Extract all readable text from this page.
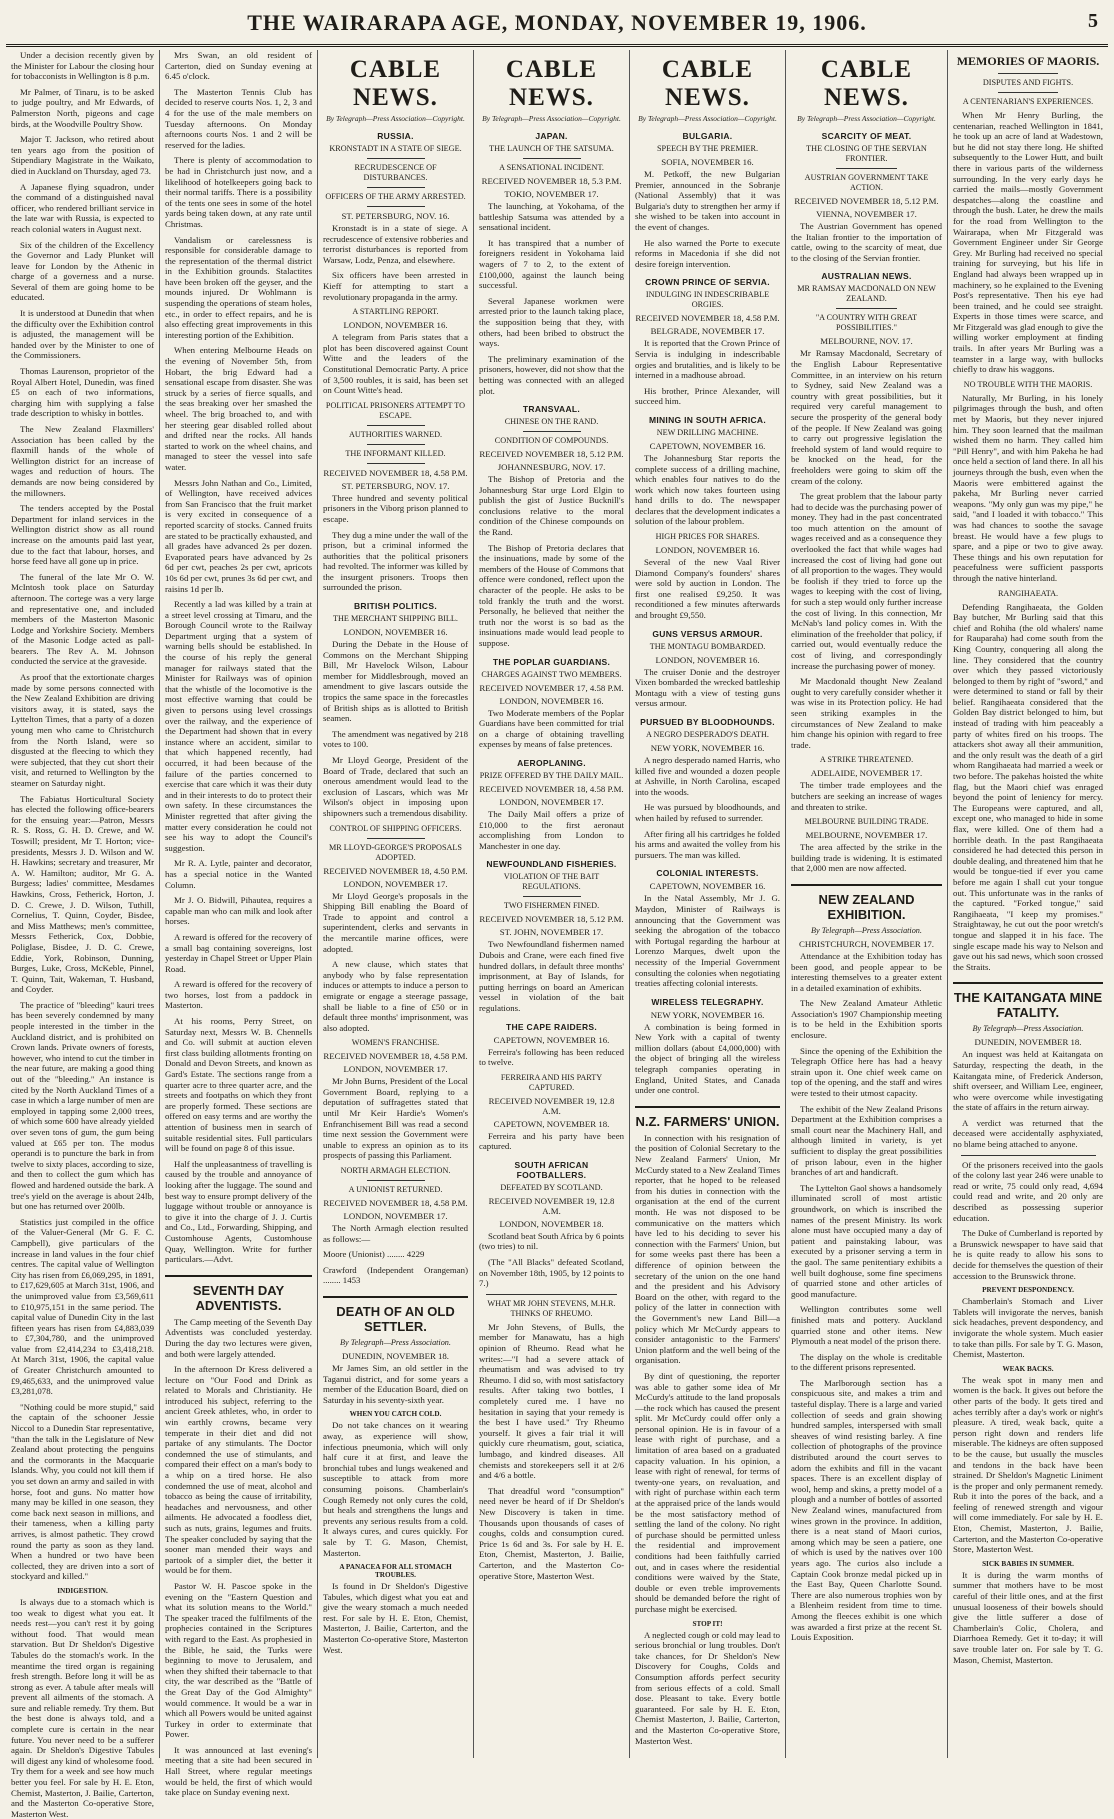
THE WAIRARAPA AGE, MONDAY, NOVEMBER 19, 1906.	5

Under a decision recently given by the Minister for Labour the closing hour for tobacconists in Wellington is 8 p.m.

Mr Palmer, of Tinaru, is to be asked to judge poultry, and Mr Edwards, of Palmerston North, pigeons and cage birds, at the Woodville Poultry Show.

Major T. Jackson, who retired about ten years ago from the position of Stipendiary Magistrate in the Waikato, died in Auckland on Thursday, aged 73.

A Japanese flying squadron, under the command of a distinguished naval officer, who rendered brilliant service in the late war with Russia, is expected to reach colonial waters in August next.

Six of the children of the Excellency the Governor and Lady Plunket will leave for London by the Athenic in charge of a governess and a nurse. Several of them are going home to be educated.

It is understood at Dunedin that when the difficulty over the Exhibition control is adjusted, the management will be handed over by the Minister to one of the Commissioners.

Thomas Laurenson, proprietor of the Royal Albert Hotel, Dunedin, was fined £5 on each of two informations, charging him with supplying a false trade description to whisky in bottles.

The New Zealand Flaxmillers' Association has been called by the flaxmill hands of the whole of Wellington district for an increase of wages and reduction of hours. The demands are now being considered by the millowners.

The tenders accepted by the Postal Department for inland services in the Wellington district show as all round increase on the amounts paid last year, due to the fact that labour, horses, and horse feed have all gone up in price.

The funeral of the late Mr O. W. McIntosh took place on Saturday afternoon. The cortege was a very large and representative one, and included members of the Masterton Masonic Lodge and Yorkshire Society. Members of the Masonic Lodge acted as pall-bearers. The Rev A. M. Johnson conducted the service at the graveside.

As proof that the extortionate charges made by some persons connected with the New Zealand Exhibition are driving visitors away, it is stated, says the Lyttelton Times, that a party of a dozen young men who came to Christchurch from the North Island, were so disgusted at the fleecing to which they were subjected, that they cut short their visit, and returned to Wellington by the steamer on Saturday night.

The Fabiatus Horticultural Society has elected the following office-bearers for the ensuing year:—Patron, Messrs R. S. Ross, G. H. D. Crewe, and W. Toswill; president, Mr T. Horton; vice-presidents, Messrs J. D. Wilson and W. H. Hawkins; secretary and treasurer, Mr A. W. Hamilton; auditor, Mr G. A. Burgess; ladies' committee, Mesdames Hawkins, Cross, Fetherick, Horton, J. D. C. Crewe, J. D. Wilson, Tuthill, Cornelius, T. Quinn, Coyder, Bisdee, and Miss Matthews; men's committee, Messrs Fetherick, Cox, Dobbie, Poliglase, Bisdee, J. D. C. Crewe, Eddie, York, Robinson, Dunning, Burges, Luke, Cross, McKeble, Pinnel, T. Quinn, Tait, Wakeman, T. Husband, and Coyder.

The practice of "bleeding" kauri trees has been severely condemned by many people interested in the timber in the Auckland district, and is prohibited on Crown lands. Private owners of forests, however, who intend to cut the timber in the near future, are making a good thing out of the "bleeding." An instance is cited by the North Auckland Times of a case in which a large number of men are employed in tapping some 2,000 trees, of which some 600 have already yielded over seven tons of gum, the gum being valued at £65 per ton. The modus operandi is to puncture the bark in from twelve to sixty places, according to size, and then to collect the gum which has flowed and hardened outside the bark. A tree's yield on the average is about 24lb, but one has returned over 200lb.

Statistics just compiled in the office of the Valuer-General (Mr G. F. C. Campbell), give particulars of the increase in land values in the four chief centres. The capital value of Wellington City has risen from £6,069,295, in 1891, to £17,629,605 at March 31st, 1906, and the unimproved value from £3,569,611 to £10,975,151 in the same period. The capital value of Dunedin City in the last fifteen years has risen from £4,883,039 to £7,304,780, and the unimproved value from £2,414,234 to £3,418,218. At March 31st, 1906, the capital value of Greater Christchurch amounted to £9,465,633, and the unimproved value £3,281,078.

"Nothing could be more stupid," said the captain of the schooner Jessie Niccol to a Dunedin Star representative, "than the talk in the Legislature of New Zealand about protecting the penguins and the cormorants in the Macquarie Islands. Why, you could not kill them if you set down an army and sailed in with horse, foot and guns. No matter how many may be killed in one season, they come back next season in millions, and their tameness, when a killing party arrives, is almost pathetic. They crowd round the party as soon as they land. When a hundred or two have been collected, they are driven into a sort of stockyard and killed."

INDIGESTION.

Is always due to a stomach which is too weak to digest what you eat. It needs rest—you can't rest it by going without food. That would mean starvation. But Dr Sheldon's Digestive Tabules do the stomach's work. In the meantime the tired organ is regaining fresh strength. Before long it will be as strong as ever. A tabule after meals will prevent all ailments of the stomach. A sure and reliable remedy. Try them. But the best done is always told, and a complete cure is certain in the near future. You never need to be a sufferer again. Dr Sheldon's Digestive Tabules will digest any kind of wholesome food. Try them for a week and see how much better you feel. For sale by H. E. Eton, Chemist, Masterton, J. Bailie, Carterton, and the Masterton Co-operative Store, Masterton West.

Mrs Swan, an old resident of Carterton, died on Sunday evening at 6.45 o'clock.

The Masterton Tennis Club has decided to reserve courts Nos. 1, 2, 3 and 4 for the use of the male members on Tuesday afternoons. On Monday afternoons courts Nos. 1 and 2 will be reserved for the ladies.

There is plenty of accommodation to be had in Christchurch just now, and a likelihood of hotelkeepers going back to their normal tariffs. There is a possibility of the tents one sees in some of the hotel yards being taken down, at any rate until Christmas.

Vandalism or carelessness is responsible for considerable damage to the representation of the thermal district in the Exhibition grounds. Stalactites have been broken off the geyser, and the mounds injured. Dr Wohlmann is suspending the operations of steam holes, etc., in order to effect repairs, and he is also effecting great improvements in this interesting portion of the Exhibition.

When entering Melbourne Heads on the evening of November 5th, from Hobart, the brig Edward had a sensational escape from disaster. She was struck by a series of fierce squalls, and the seas breaking over her smashed the wheel. The brig broached to, and with her steering gear disabled rolled about and drifted near the rocks. All hands started to work on the wheel chains, and managed to steer the vessel into safe water.

Messrs John Nathan and Co., Limited, of Wellington, have received advices from San Francisco that the fruit market is very excited in consequence of a reported scarcity of stocks. Canned fruits are stated to be practically exhausted, and all grades have advanced 2s per dozen. Evaporated pears have advanced by 2s 6d per cwt, peaches 2s per cwt, apricots 10s 6d per cwt, prunes 3s 6d per cwt, and raisins 1d per lb.

Recently a lad was killed by a train at a street level crossing at Timaru, and the Borough Council wrote to the Railway Department urging that a system of warning bells should be established. In the course of his reply the general manager for railways stated that the Minister for Railways was of opinion that the whistle of the locomotive is the most effective warning that could be given to persons using level crossings over the railway, and the experience of the Department had shown that in every instance where an accident, similar to that which happened recently, had occurred, it had been because of the failure of the parties concerned to exercise that care which it was their duty and in their interests to do to protect their own safety. In these circumstances the Minister regretted that after giving the matter every consideration he could not see his way to adopt the Council's suggestion.

Mr R. A. Lytle, painter and decorator, has a special notice in the Wanted Column.

Mr J. O. Bidwill, Pihautea, requires a capable man who can milk and look after horses.

A reward is offered for the recovery of a small bag containing sovereigns, lost yesterday in Chapel Street or Upper Plain Road.

A reward is offered for the recovery of two horses, lost from a paddock in Masterton.

At his rooms, Perry Street, on Saturday next, Messrs W. B. Chennells and Co. will submit at auction eleven first class building allotments fronting on Donald and Devon Streets, and known as Gard's Estate. The sections range from a quarter acre to three quarter acre, and the streets and footpaths on which they front are properly formed. These sections are offered on easy terms and are worthy the attention of business men in search of suitable residential sites. Full particulars will be found on page 8 of this issue.

Half the unpleasantness of travelling is caused by the trouble and annoyance of looking after the luggage. The sound and best way to ensure prompt delivery of the luggage without trouble or annoyance is to give it into the charge of J. J. Curtis and Co., Ltd., Forwarding, Shipping, and Customhouse Agents, Customhouse Quay, Wellington. Write for further particulars.—Advt.

SEVENTH DAY ADVENTISTS.

The Camp meeting of the Seventh Day Adventists was concluded yesterday. During the day two lectures were given, and both were largely attended.

In the afternoon Dr Kress delivered a lecture on "Our Food and Drink as related to Morals and Christianity. He introduced his subject, referring to the ancient Greek athletes, who, in order to win earthly crowns, became very temperate in their diet and did not partake of any stimulants. The Doctor condemned the use of stimulants, and compared their effect on a man's body to a whip on a tired horse. He also condemned the use of meat, alcohol and tobacco as being the cause of irritability, headaches and nervousness, and other ailments. He advocated a foodless diet, such as nuts, grains, legumes and fruits. The speaker concluded by saying that the sooner man mended their ways and partook of a simpler diet, the better it would be for them.

Pastor W. H. Pascoe spoke in the evening on the "Eastern Question and what its solution means to the World." The speaker traced the fulfilments of the prophecies contained in the Scriptures with regard to the East. As prophesied in the Bible, he said, the Turks were beginning to move to Jerusalem, and when they shifted their tabernacle to that city, the war described as the "Battle of the Great Day of the God Almighty" would commence. It would be a war in which all Powers would be united against Turkey in order to exterminate that Power.

It was announced at last evening's meeting that a site had been secured in Hall Street, where regular meetings would be held, the first of which would take place on Sunday evening next.

CABLE NEWS.
By Telegraph—Press Association—Copyright.
RUSSIA.
KRONSTADT IN A STATE OF SIEGE.
RECRUDESCENCE OF DISTURBANCES.
OFFICERS OF THE ARMY ARRESTED.
ST. PETERSBURG, NOV. 16.

Kronstadt is in a state of siege. A recrudescence of extensive robberies and terrorist disturbances is reported from Warsaw, Lodz, Penza, and elsewhere.

Six officers have been arrested in Kieff for attempting to start a revolutionary propaganda in the army.

A STARTLING REPORT.
LONDON, NOVEMBER 16.

A telegram from Paris states that a plot has been discovered against Count Witte and the leaders of the Constitutional Democratic Party. A price of 3,500 roubles, it is said, has been set on Count Witte's head.

POLITICAL PRISONERS ATTEMPT TO ESCAPE.
AUTHORITIES WARNED.
THE INFORMANT KILLED.
RECEIVED NOVEMBER 18, 4.58 P.M.
ST. PETERSBURG, NOV. 17.

Three hundred and seventy political prisoners in the Viborg prison planned to escape.

They dug a mine under the wall of the prison, but a criminal informed the authorities that the political prisoners had revolted. The informer was killed by the insurgent prisoners. Troops then surrounded the prison.

BRITISH POLITICS.
THE MERCHANT SHIPPING BILL.
LONDON, NOVEMBER 16.

During the Debate in the House of Commons on the Merchant Shipping Bill, Mr Havelock Wilson, Labour member for Middlesbrough, moved an amendment to give lascars outside the tropics the same space in the forecastles of British ships as is allotted to British seamen.

The amendment was negatived by 218 votes to 100.

Mr Lloyd George, President of the Board of Trade, declared that such an onerous amendment would lead to the exclusion of Lascars, which was Mr Wilson's object in imposing upon shipowners such a tremendous disability.

CONTROL OF SHIPPING OFFICERS.
MR LLOYD-GEORGE'S PROPOSALS ADOPTED.
RECEIVED NOVEMBER 18, 4.50 P.M.
LONDON, NOVEMBER 17.

Mr Lloyd George's proposals in the Shipping Bill enabling the Board of Trade to appoint and control a superintendent, clerks and servants in the mercantile marine offices, were adopted.

A new clause, which states that anybody who by false representation induces or attempts to induce a person to emigrate or engage a steerage passage, shall be liable to a fine of £50 or in default three months' imprisonment, was also adopted.

WOMEN'S FRANCHISE.
RECEIVED NOVEMBER 18, 4.58 P.M.
LONDON, NOVEMBER 17.

Mr John Burns, President of the Local Government Board, replying to a deputation of suffragettes stated that until Mr Keir Hardie's Women's Enfranchisement Bill was read a second time next session the Government were unable to express an opinion as to its prospects of passing this Parliament.

NORTH ARMAGH ELECTION.
A UNIONIST RETURNED.
RECEIVED NOVEMBER 18, 4.58 P.M.
LONDON, NOVEMBER 17.

The North Armagh election resulted as follows:—

Moore (Unionist) ........ 4229

Crawford (Independent Orangeman) ........ 1453

DEATH OF AN OLD SETTLER.
By Telegraph—Press Association.
DUNEDIN, NOVEMBER 18.

Mr James Sim, an old settler in the Taganui district, and for some years a member of the Education Board, died on Saturday in his seventy-sixth year.

WHEN YOU CATCH COLD.

Do not take chances on it wearing away, as experience will show, infectious pneumonia, which will only half cure it at first, and leave the bronchial tubes and lungs weakened and susceptible to attack from more consuming poisons. Chamberlain's Cough Remedy not only cures the cold, but heals and strengthens the lungs and prevents any serious results from a cold. It always cures, and cures quickly. For sale by T. G. Mason, Chemist, Masterton.

A PANACEA FOR ALL STOMACH TROUBLES.

Is found in Dr Sheldon's Digestive Tabules, which digest what you eat and give the weary stomach a much needed rest. For sale by H. E. Eton, Chemist, Masterton, J. Bailie, Carterton, and the Masterton Co-operative Store, Masterton West.

CABLE NEWS.
By Telegraph—Press Association—Copyright.
JAPAN.
THE LAUNCH OF THE SATSUMA.
A SENSATIONAL INCIDENT.
RECEIVED NOVEMBER 18, 5.3 P.M.
TOKIO, NOVEMBER 17.

The launching, at Yokohama, of the battleship Satsuma was attended by a sensational incident.

It has transpired that a number of foreigners resident in Yokohama laid wagers of 7 to 2, to the extent of £100,000, against the launch being successful.

Several Japanese workmen were arrested prior to the launch taking place, the supposition being that they, with others, had been bribed to obstruct the ways.

The preliminary examination of the prisoners, however, did not show that the betting was connected with an alleged plot.

TRANSVAAL.
CHINESE ON THE RAND.
CONDITION OF COMPOUNDS.
RECEIVED NOVEMBER 18, 5.12 P.M.
JOHANNESBURG, NOV. 17.

The Bishop of Pretoria and the Johannesburg Star urge Lord Elgin to publish the gist of Justice Bucknill's conclusions relative to the moral condition of the Chinese compounds on the Rand.

The Bishop of Pretoria declares that the insinuations, made by some of the members of the House of Commons that offence were condoned, reflect upon the character of the people. He asks to be told frankly the truth and the worst. Personally, he believed that neither the truth nor the worst is so bad as the insinuations made would lead people to suppose.

THE POPLAR GUARDIANS.
CHARGES AGAINST TWO MEMBERS.
RECEIVED NOVEMBER 17, 4.58 P.M.
LONDON, NOVEMBER 16.

Two Moderate members of the Poplar Guardians have been committed for trial on a charge of obtaining travelling expenses by means of false pretences.

AEROPLANING.
PRIZE OFFERED BY THE DAILY MAIL.
RECEIVED NOVEMBER 18, 4.58 P.M.
LONDON, NOVEMBER 17.

The Daily Mail offers a prize of £10,000 to the first aeronaut accomplishing from London to Manchester in one day.

NEWFOUNDLAND FISHERIES.
VIOLATION OF THE BAIT REGULATIONS.
TWO FISHERMEN FINED.
RECEIVED NOVEMBER 18, 5.12 P.M.
ST. JOHN, NOVEMBER 17.

Two Newfoundland fishermen named Dubois and Crane, were each fined five hundred dollars, in default three months' imprisonment, at Bay of Islands, for putting herrings on board an American vessel in violation of the bait regulations.

THE CAPE RAIDERS.
CAPETOWN, NOVEMBER 16.

Ferreira's following has been reduced to twelve.

FERREIRA AND HIS PARTY CAPTURED.
RECEIVED NOVEMBER 19, 12.8 A.M.
CAPETOWN, NOVEMBER 18.

Ferreira and his party have been captured.

SOUTH AFRICAN FOOTBALLERS.
DEFEATED BY SCOTLAND.
RECEIVED NOVEMBER 19, 12.8 A.M.
LONDON, NOVEMBER 18.

Scotland beat South Africa by 6 points (two tries) to nil.

(The "All Blacks" defeated Scotland, on November 18th, 1905, by 12 points to 7.)

WHAT MR JOHN STEVENS, M.H.R. THINKS OF RHEUMO.

Mr John Stevens, of Bulls, the member for Manawatu, has a high opinion of Rheumo. Read what he writes:—"I had a severe attack of rheumatism and was advised to try Rheumo. I did so, with most satisfactory results. After taking two bottles, I completely cured me. I have no hesitation in saying that your remedy is the best I have used." Try Rheumo yourself. It gives a fair trial it will quickly cure rheumatism, gout, sciatica, lumbago, and kindred diseases. All chemists and storekeepers sell it at 2/6 and 4/6 a bottle.

That dreadful word "consumption" need never be heard of if Dr Sheldon's New Discovery is taken in time. Thousands upon thousands of cases of coughs, colds and consumption cured. Price 1s 6d and 3s. For sale by H. E. Eton, Chemist, Masterton, J. Bailie, Carterton, and the Masterton Co-operative Store, Masterton West.

CABLE NEWS.
By Telegraph—Press Association—Copyright.
BULGARIA.
SPEECH BY THE PREMIER.
SOFIA, NOVEMBER 16.

M. Petkoff, the new Bulgarian Premier, announced in the Sobranje (National Assembly) that it was Bulgaria's duty to strengthen her army if she wished to be taken into account in the event of changes.

He also warned the Porte to execute reforms in Macedonia if she did not desire foreign intervention.

CROWN PRINCE OF SERVIA.
INDULGING IN INDESCRIBABLE ORGIES.
RECEIVED NOVEMBER 18, 4.58 P.M.
BELGRADE, NOVEMBER 17.

It is reported that the Crown Prince of Servia is indulging in indescribable orgies and brutalities, and is likely to be interned in a madhouse abroad.

His brother, Prince Alexander, will succeed him.

MINING IN SOUTH AFRICA.
NEW DRILLING MACHINE.
CAPETOWN, NOVEMBER 16.

The Johannesburg Star reports the complete success of a drilling machine, which enables four natives to do the work which now takes fourteen using hand drills to do. The newspaper declares that the development indicates a solution of the labour problem.

HIGH PRICES FOR SHARES.
LONDON, NOVEMBER 16.

Several of the new Vaal River Diamond Company's founders' shares were sold by auction in London. The first one realised £9,250. It was reconditioned a few minutes afterwards and brought £9,550.

GUNS VERSUS ARMOUR.
THE MONTAGU BOMBARDED.
LONDON, NOVEMBER 16.

The cruiser Donie and the destroyer Vixen bombarded the wrecked battleship Montagu with a view of testing guns versus armour.

PURSUED BY BLOODHOUNDS.
A NEGRO DESPERADO'S DEATH.
NEW YORK, NOVEMBER 16.

A negro desperado named Harris, who killed five and wounded a dozen people at Ashville, in North Carolina, escaped into the woods.

He was pursued by bloodhounds, and when hailed by refused to surrender.

After firing all his cartridges he folded his arms and awaited the volley from his pursuers. The man was killed.

COLONIAL INTERESTS.
CAPETOWN, NOVEMBER 16.

In the Natal Assembly, Mr J. G. Maydon, Minister of Railways is announcing that the Government was seeking the abrogation of the tobacco with Portugal regarding the harbour at Lorenzo Marques, dwelt upon the necessity of the Imperial Government consulting the colonies when negotiating treaties affecting colonial interests.

WIRELESS TELEGRAPHY.
NEW YORK, NOVEMBER 16.

A combination is being formed in New York with a capital of twenty million dollars (about £4,000,000) with the object of bringing all the wireless telegraph companies operating in England, United States, and Canada under one control.

N.Z. FARMERS' UNION.

In connection with his resignation of the position of Colonial Secretary to the New Zealand Farmers' Union, Mr McCurdy stated to a New Zealand Times reporter, that he hoped to be released from his duties in connection with the organisation at the end of the current month. He was not disposed to be communicative on the matters which have led to his deciding to sever his connection with the Farmers' Union, but for some weeks past there has been a difference of opinion between the secretary of the union on the one hand and the president and his Advisory Board on the other, with regard to the policy of the latter in connection with the Government's new Land Bill—a policy which Mr McCurdy appears to consider antagonistic to the Farmers' Union platform and the well being of the organisation.

By dint of questioning, the reporter was able to gather some idea of Mr McCurdy's attitude to the land proposals—the rock which has caused the present split. Mr McCurdy could offer only a personal opinion. He is in favour of a lease with right of purchase, and a limitation of area based on a graduated capacity valuation. In his opinion, a lease with right of renewal, for terms of twenty-one years, on revaluation, and with right of purchase within each term at the appraised price of the lands would be the most satisfactory method of settling the land of the colony. No right of purchase should be permitted unless the residential and improvement conditions had been faithfully carried out, and in cases where the residential conditions were waived by the State, double or even treble improvements should be demanded before the right of purchase might be exercised.

STOP IT!

A neglected cough or cold may lead to serious bronchial or lung troubles. Don't take chances, for Dr Sheldon's New Discovery for Coughs, Colds and Consumption affords perfect security from serious effects of a cold. Small dose. Pleasant to take. Every bottle guaranteed. For sale by H. E. Eton, Chemist Masterton, J. Bailie, Carterton, and the Masterton Co-operative Store, Masterton West.

CABLE NEWS.
By Telegraph—Press Association—Copyright.
SCARCITY OF MEAT.
THE CLOSING OF THE SERVIAN FRONTIER.
AUSTRIAN GOVERNMENT TAKE ACTION.
RECEIVED NOVEMBER 18, 5.12 P.M.
VIENNA, NOVEMBER 17.

The Austrian Government has opened the Italian frontier to the importation of cattle, owing to the scarcity of meat, due to the closing of the Servian frontier.

AUSTRALIAN NEWS.
MR RAMSAY MACDONALD ON NEW ZEALAND.
"A COUNTRY WITH GREAT POSSIBILITIES."
MELBOURNE, NOV. 17.

Mr Ramsay Macdonald, Secretary of the English Labour Representative Committee, in an interview on his return to Sydney, said New Zealand was a country with great possibilities, but it required very careful management to secure the prosperity of the general body of the people. If New Zealand was going to carry out progressive legislation the freehold system of land would require to be knocked on the head, for the freeholders were going to skim off the cream of the colony.

The great problem that the labour party had to decide was the purchasing power of money. They had in the past concentrated too much attention on the amount of wages received and as a consequence they overlooked the fact that while wages had increased the cost of living had gone out of all proportion to the wages. They would be foolish if they tried to force up the wages to keeping with the cost of living, for such a step would only further increase the cost of living. In this connection, Mr McNab's land policy comes in. With the elimination of the freeholder that policy, if carried out, would eventually reduce the cost of living, and correspondingly increase the purchasing power of money.

Mr Macdonald thought New Zealand ought to very carefully consider whether it was wise in its Protection policy. He had seen striking examples in the circumstances of New Zealand to make him change his opinion with regard to free trade.

A STRIKE THREATENED.
ADELAIDE, NOVEMBER 17.

The timber trade employees and the butchers are seeking an increase of wages and threaten to strike.

MELBOURNE BUILDING TRADE.
MELBOURNE, NOVEMBER 17.

The area affected by the strike in the building trade is widening. It is estimated that 2,000 men are now affected.

NEW ZEALAND EXHIBITION.
By Telegraph—Press Association.
CHRISTCHURCH, NOVEMBER 17.

Attendance at the Exhibition today has been good, and people appear to be interesting themselves to a greater extent in a detailed examination of exhibits.

The New Zealand Amateur Athletic Association's 1907 Championship meeting is to be held in the Exhibition sports enclosure.

Since the opening of the Exhibition the Telegraph Office here has had a heavy strain upon it. One chief week came on top of the opening, and the staff and wires were tested to their utmost capacity.

The exhibit of the New Zealand Prisons Department at the Exhibition comprises a small court near the Machinery Hall, and although limited in variety, is yet sufficient to display the great possibilities of prison labour, even in the higher branches of art and handicraft.

The Lyttelton Gaol shows a handsomely illuminated scroll of most artistic groundwork, on which is inscribed the names of the present Ministry. Its work alone must have occupied many a day of patient and painstaking labour, was executed by a prisoner serving a term in the gaol. The same penitentiary exhibits a well built doghouse, some fine specimens of quarried stone and other articles of good manufacture.

Wellington contributes some well finished mats and pottery. Auckland quarried stone and other items. New Plymouth a neat model of the prison there.

The display on the whole is creditable to the different prisons represented.

The Marlborough section has a conspicuous site, and makes a trim and tasteful display. There is a large and varied collection of seeds and grain showing hundred samples, interspersed with small sheaves of wind resisting barley. A fine collection of photographs of the province distributed around the court serves to adorn the exhibits and fill in the vacant spaces. There is an excellent display of wool, hemp and skins, a pretty model of a plough and a number of bottles of assorted New Zealand wines, manufactured from wines grown in the province. In addition, there is a neat stand of Maori curios, among which may be seen a patiere, one of which is used by the natives over 100 years ago. The curios also include a Captain Cook bronze medal picked up in the East Bay, Queen Charlotte Sound. There are also numerous trophies won by a Blenheim resident from time to time. Among the fleeces exhibit is one which was awarded a first prize at the recent St. Louis Exposition.

MEMORIES OF MAORIS.
DISPUTES AND FIGHTS.
A CENTENARIAN'S EXPERIENCES.

When Mr Henry Burling, the centenarian, reached Wellington in 1841, he took up an acre of land at Wadestown, but he did not stay there long. He shifted subsequently to the Lower Hutt, and built there in various parts of the wilderness surrounding. In the very early days he carried the mails—mostly Government despatches—along the coastline and through the bush. Later, he drew the mails for the road from Wellington to the Wairarapa, when Mr Fitzgerald was Government Engineer under Sir George Grey. Mr Burling had received no special training for surveying, but his life in England had always been wrapped up in machinery, so he explained to the Evening Post's representative. Then his eye had been trained, and he could see straight. Experts in those times were scarce, and Mr Fitzgerald was glad enough to give the willing worker employment at finding trails. In after years Mr Burling was a teamster in a large way, with bullocks chiefly to draw his waggons.

NO TROUBLE WITH THE MAORIS.

Naturally, Mr Burling, in his lonely pilgrimages through the bush, and often met by Maoris, but they never injured him. They soon learned that the mailman wished them no harm. They called him "Pill Henry", and with him Pakeha he had once held a section of land there. In all his journeys through the bush, even when the Maoris were embittered against the pakeha, Mr Burling never carried weapons. "My only gun was my pipe," he said, "and I loaded it with tobacco." This was had chances to soothe the savage breast. He would have a few plugs to spare, and a pipe or two to give away. These things and his own reputation for peacefulness were sufficient passports through the native hinterland.

RANGIHAEATA.

Defending Rangihaeata, the Golden Bay butcher, Mr Burling said that this chief and Rohiha (the old whalers' name for Rauparaha) had come south from the King Country, conquering all along the line. They considered that the country over which they passed victoriously belonged to them by right of "sword," and were determined to stand or fall by their belief. Rangihaeata considered that the Golden Bay district belonged to him, but instead of trading with him peaceably a party of whites fired on his troops. The attackers shot away all their ammunition, and the only result was the death of a girl whom Rangihaeata had married a week or two before. The pakehas hoisted the white flag, but the Maori chief was enraged beyond the point of leniency for mercy. The Europeans were captured, and all, except one, who managed to hide in some flax, were killed. One of them had a horrible death. In the past Rangihaeata considered he had detected this person in double dealing, and threatened him that he would be tongue-tied if ever you came before me again I shall cut your tongue out. This unfortunate was in the ranks of the captured. "Forked tongue," said Rangihaeata, "I keep my promises." Straightaway, he cut out the poor wretch's tongue and slapped it in his face. The single escape made his way to Nelson and gave out his sad news, which soon crossed the Straits.

THE KAITANGATA MINE FATALITY.
By Telegraph—Press Association.
DUNEDIN, NOVEMBER 18.

An inquest was held at Kaitangata on Saturday, respecting the death, in the Kaitangata mine, of Frederick Anderson, shift overseer, and William Lee, engineer, who were overcome while investigating the state of affairs in the return airway.

A verdict was returned that the deceased were accidentally asphyxiated, no blame being attached to anyone.

Of the prisoners received into the gaols of the colony last year 246 were unable to read or write, 75 could only read, 4,694 could read and write, and 20 only are described as possessing superior education.

The Duke of Cumberland is reported by a Brunswick newspaper to have said that he is quite ready to allow his sons to decide for themselves the question of their accession to the Brunswick throne.

PREVENT DESPONDENCY.

Chamberlain's Stomach and Liver Tablets will invigorate the nerves, banish sick headaches, prevent despondency, and invigorate the whole system. Much easier to take than pills. For sale by T. G. Mason, Chemist, Masterton.

WEAK BACKS.

The weak spot in many men and women is the back. It gives out before the other parts of the body. It gets tired and aches terribly after a day's work or night's pleasure. A tired, weak back, quite a person right down and renders life miserable. The kidneys are often supposed to be the cause, but usually the muscles and tendons in the back have been strained. Dr Sheldon's Magnetic Liniment is the proper and only permanent remedy. Rub it into the pores of the back, and a feeling of renewed strength and vigour will come immediately. For sale by H. E. Eton, Chemist, Masterton, J. Bailie, Carterton, and the Masterton Co-operative Store, Masterton West.

SICK BABIES IN SUMMER.

It is during the warm months of summer that mothers have to be most careful of their little ones, and at the first unusual looseness of their bowels should give the little sufferer a dose of Chamberlain's Colic, Cholera, and Diarrhoea Remedy. Get it to-day; it will save trouble later on. For sale by T. G. Mason, Chemist, Masterton.
